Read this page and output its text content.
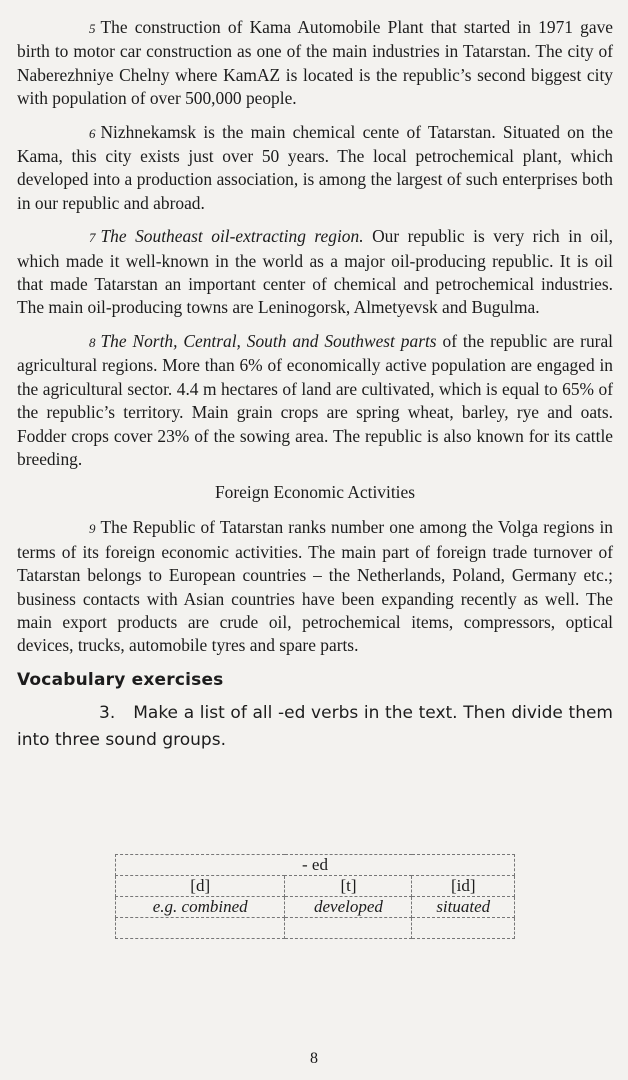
5 The construction of Kama Automobile Plant that started in 1971 gave birth to motor car construction as one of the main industries in Tatarstan. The city of Naberezhniye Chelny where KamAZ is located is the republic’s second biggest city with population of over 500,000 people.

6 Nizhnekamsk is the main chemical cente of Tatarstan. Situated on the Kama, this city exists just over 50 years. The local petrochemical plant, which developed into a production association, is among the largest of such enterprises both in our republic and abroad.

7 The Southeast oil-extracting region. Our republic is very rich in oil, which made it well-known in the world as a major oil-producing republic. It is oil that made Tatarstan an important center of chemical and petrochemical industries. The main oil-producing towns are Leninogorsk, Almetyevsk and Bugulma.

8 The North, Central, South and Southwest parts of the republic are rural agricultural regions. More than 6% of economically active population are engaged in the agricultural sector. 4.4 m hectares of land are cultivated, which is equal to 65% of the republic’s territory. Main grain crops are spring wheat, barley, rye and oats. Fodder crops cover 23% of the sowing area. The republic is also known for its cattle breeding.

Foreign Economic Activities

9 The Republic of Tatarstan ranks number one among the Volga regions in terms of its foreign economic activities. The main part of foreign trade turnover of Tatarstan belongs to European countries – the Netherlands, Poland, Germany etc.; business contacts with Asian countries have been expanding recently as well. The main export products are crude oil, petrochemical items, compressors, optical devices, trucks, automobile tyres and spare parts.

Vocabulary exercises

3. Make a list of all -ed verbs in the text. Then divide them into three sound groups.

- ed		
[d]	[t]	[id]
e.g. combined	developed	situated

8
